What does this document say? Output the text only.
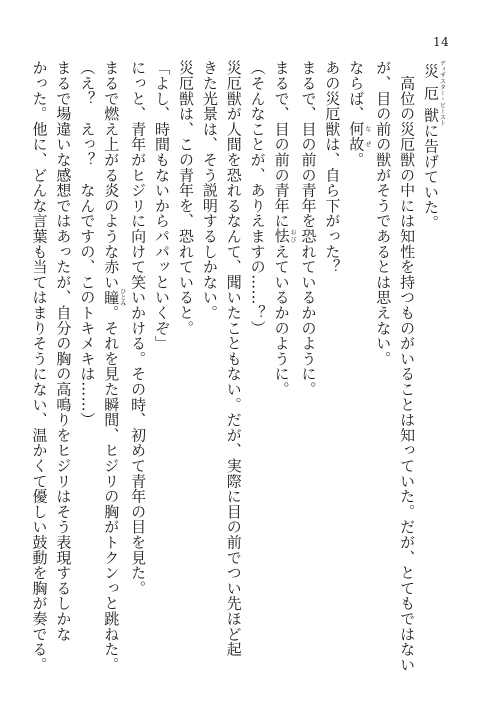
14

災厄獣ディザスター・ビーストに告げていた。

　高位の災厄獣の中には知性を持つものがいることは知っていた。だが、とてもではない

が、目の前の獣がそうであるとは思えない。

ならば、何故なぜ。

あの災厄獣は、自ら下がった？

まるで、目の前の青年を恐れているかのように。

まるで、目の前の青年に怯おびえているかのように。

（そんなことが、ありえますの……？）

災厄獣が人間を恐れるなんて、聞いたこともない。だが、実際に目の前でつい先ほど起

きた光景は、そう説明するしかない。

災厄獣は、この青年を、恐れていると。

「よし、時間もないからパパッといくぞ」

にっと、青年がヒジリに向けて笑いかける。その時、初めて青年の目を見た。

まるで燃え上がる炎のような赤い瞳ひとみ。それを見た瞬間、ヒジリの胸がトクンっと跳ねた。

（え？　えっ？　なんですの、このトキメキは……）

まるで場違いな感想ではあったが、自分の胸の高鳴りをヒジリはそう表現するしかな

かった。他に、どんな言葉も当てはまりそうにない、温かくて優しい鼓動を胸が奏でる。
